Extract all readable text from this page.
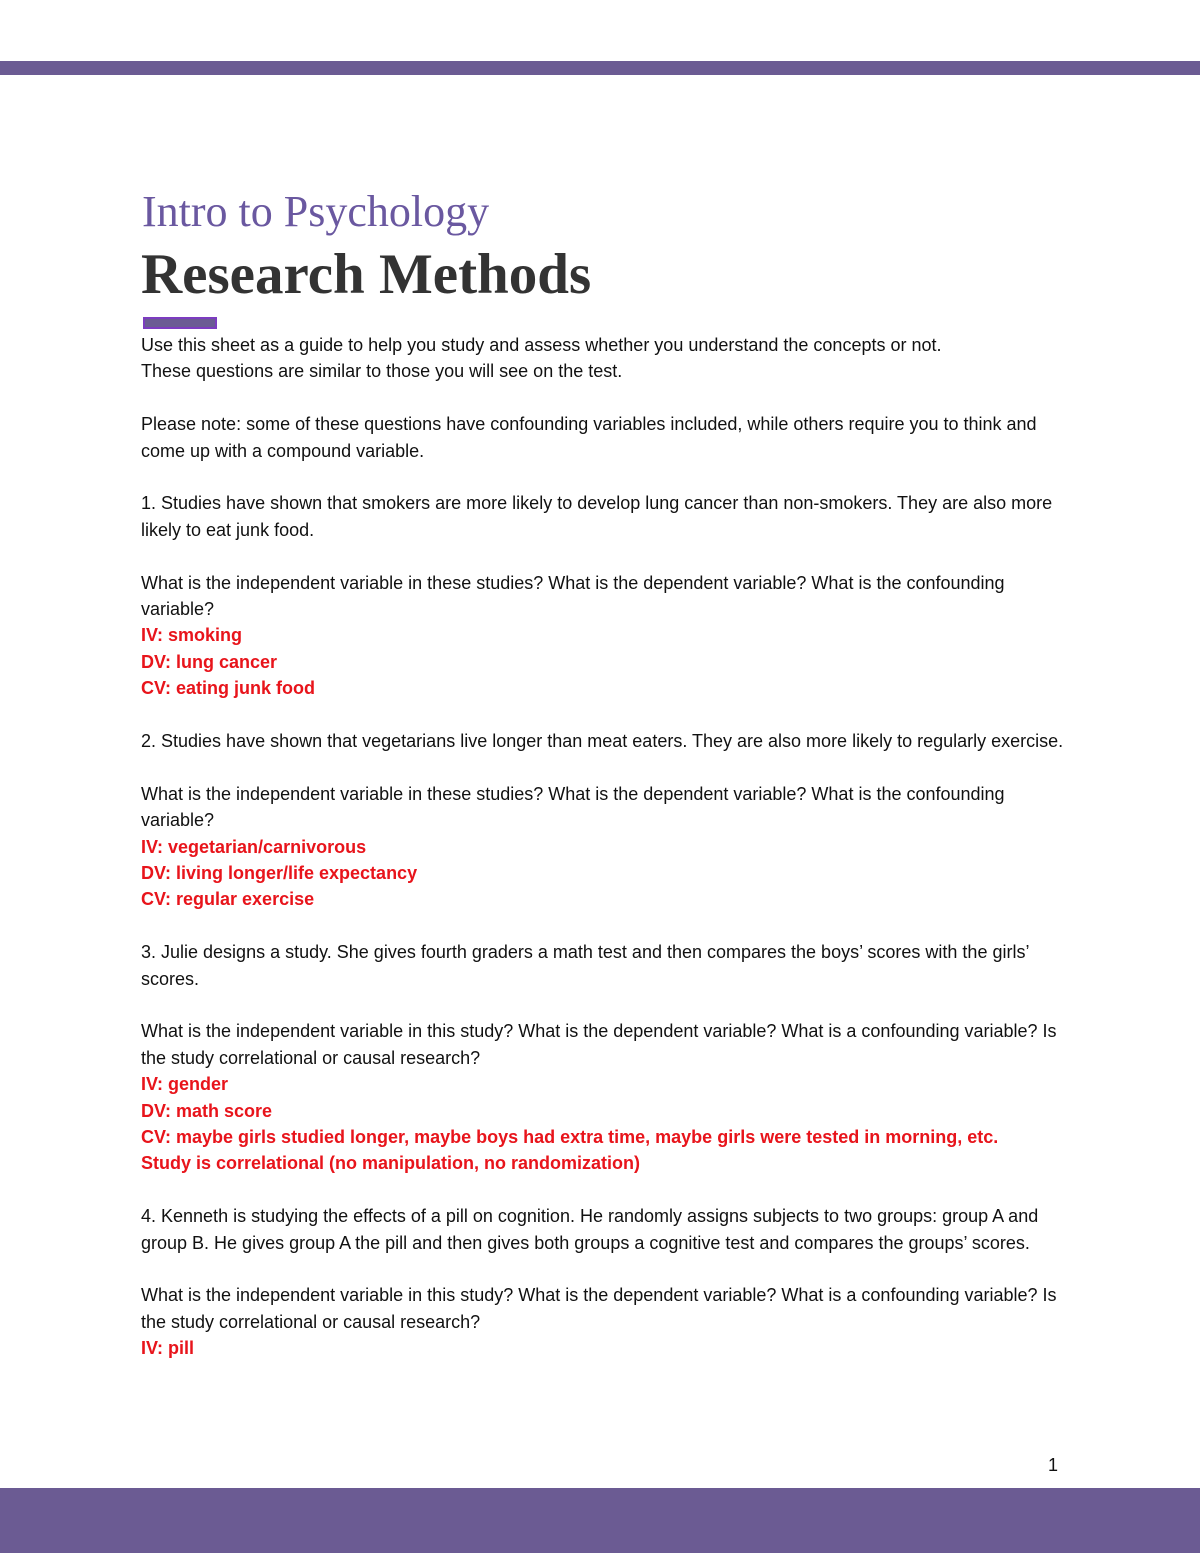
Intro to Psychology
Research Methods

Use this sheet as a guide to help you study and assess whether you understand the concepts or not.

These questions are similar to those you will see on the test.

Please note: some of these questions have confounding variables included, while others require you to think and come up with a compound variable.

1. Studies have shown that smokers are more likely to develop lung cancer than non-smokers. They are also more likely to eat junk food.

What is the independent variable in these studies? What is the dependent variable? What is the confounding variable?

IV: smoking
DV: lung cancer
CV: eating junk food

2. Studies have shown that vegetarians live longer than meat eaters. They are also more likely to regularly exercise.

What is the independent variable in these studies? What is the dependent variable? What is the confounding variable?

IV: vegetarian/carnivorous
DV: living longer/life expectancy
CV: regular exercise

3. Julie designs a study. She gives fourth graders a math test and then compares the boys’ scores with the girls’ scores.

What is the independent variable in this study? What is the dependent variable? What is a confounding variable? Is the study correlational or causal research?

IV: gender
DV: math score
CV: maybe girls studied longer, maybe boys had extra time, maybe girls were tested in morning, etc.
Study is correlational (no manipulation, no randomization)

4. Kenneth is studying the effects of a pill on cognition. He randomly assigns subjects to two groups: group A and group B. He gives group A the pill and then gives both groups a cognitive test and compares the groups’ scores.

What is the independent variable in this study? What is the dependent variable? What is a confounding variable? Is the study correlational or causal research?

IV: pill
1
